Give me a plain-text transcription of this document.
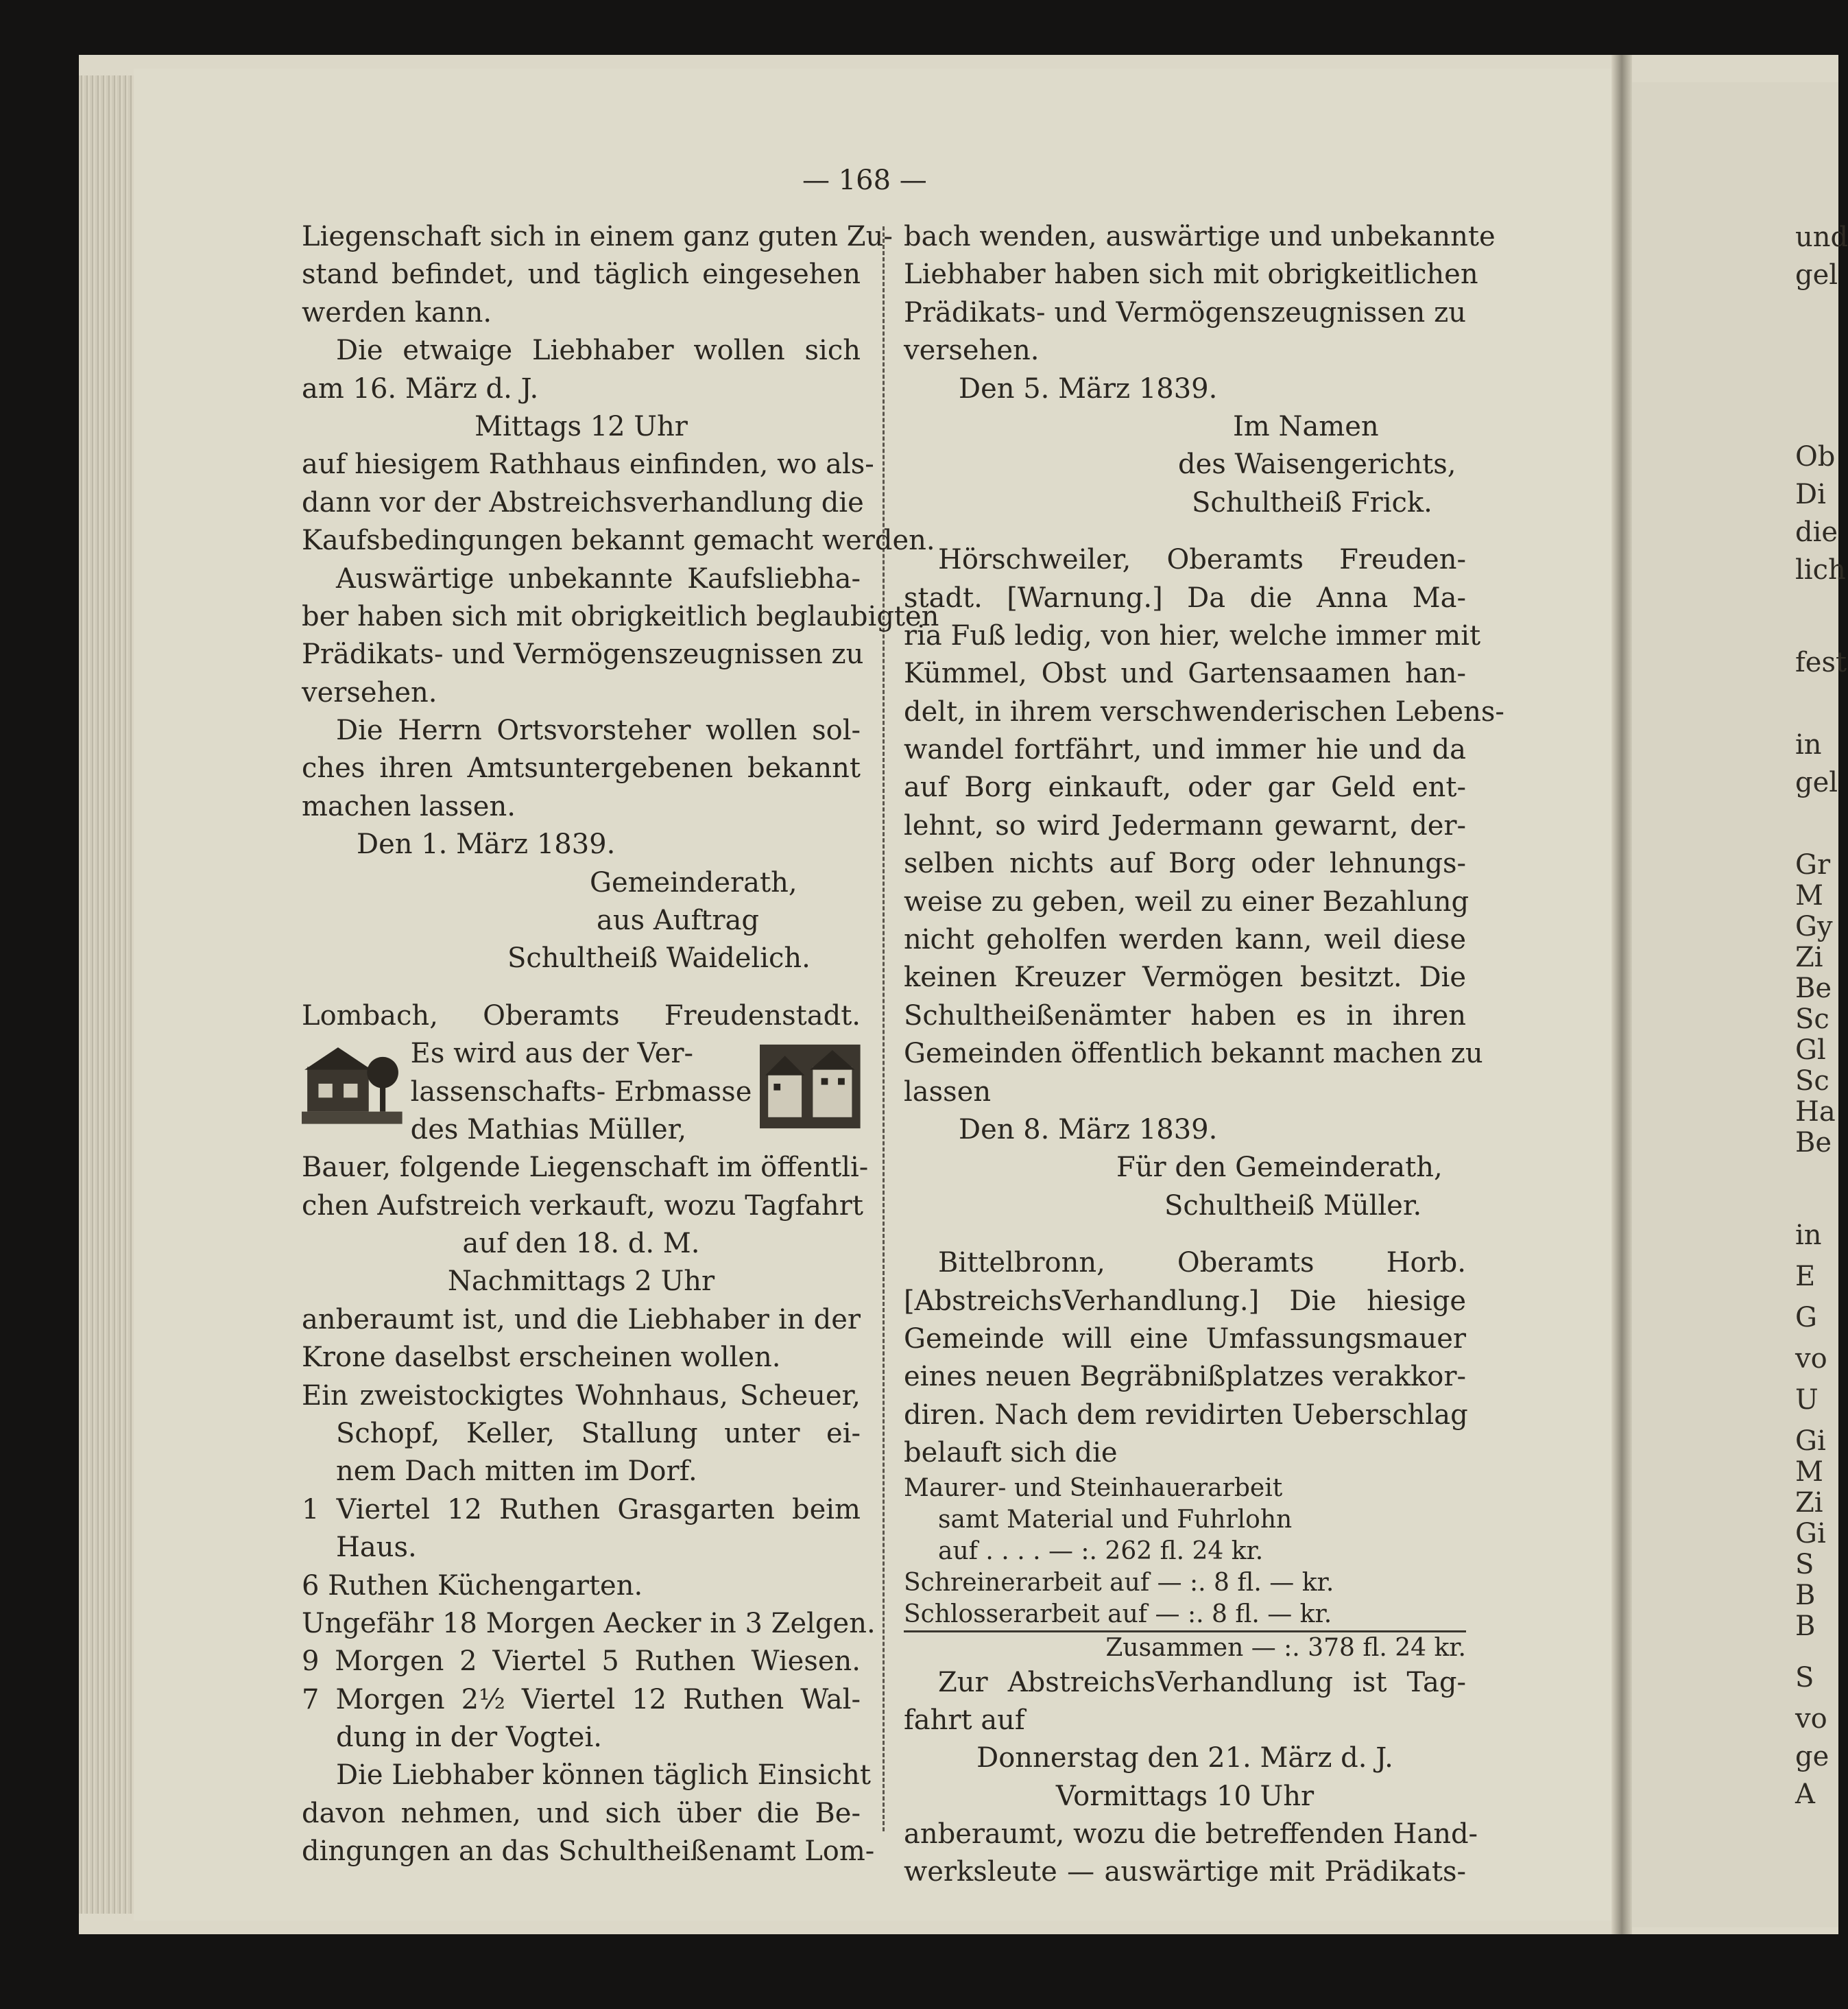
— 168 —
Liegenschaft sich in einem ganz guten Zu-
stand befindet, und täglich eingesehen
werden kann.
Die etwaige Liebhaber wollen sich
am 16. März d. J.
Mittags 12 Uhr
auf hiesigem Rathhaus einfinden, wo als-
dann vor der Abstreichsverhandlung die
Kaufsbedingungen bekannt gemacht werden.
Auswärtige unbekannte Kaufsliebha-
ber haben sich mit obrigkeitlich beglaubigten
Prädikats- und Vermögenszeugnissen zu
versehen.
Die Herrn Ortsvorsteher wollen sol-
ches ihren Amtsuntergebenen bekannt
machen lassen.
Den 1. März 1839.
Gemeinderath,
aus Auftrag
Schultheiß Waidelich.
Lombach, Oberamts Freudenstadt.
Es wird aus der Ver-
lassenschafts- Erbmasse
des Mathias Müller,
Bauer, folgende Liegenschaft im öffentli-
chen Aufstreich verkauft, wozu Tagfahrt
auf den 18. d. M.
Nachmittags 2 Uhr
anberaumt ist, und die Liebhaber in der
Krone daselbst erscheinen wollen.
Ein zweistockigtes Wohnhaus, Scheuer,
Schopf, Keller, Stallung unter ei-
nem Dach mitten im Dorf.
1 Viertel 12 Ruthen Grasgarten beim
Haus.
6 Ruthen Küchengarten.
Ungefähr 18 Morgen Aecker in 3 Zelgen.
9 Morgen 2 Viertel 5 Ruthen Wiesen.
7 Morgen 2½ Viertel 12 Ruthen Wal-
dung in der Vogtei.
Die Liebhaber können täglich Einsicht
davon nehmen, und sich über die Be-
dingungen an das Schultheißenamt Lom-
bach wenden, auswärtige und unbekannte
Liebhaber haben sich mit obrigkeitlichen
Prädikats- und Vermögenszeugnissen zu
versehen.
Den 5. März 1839.
Im Namen
des Waisengerichts,
Schultheiß Frick.
Hörschweiler, Oberamts Freuden-
stadt. [Warnung.] Da die Anna Ma-
ria Fuß ledig, von hier, welche immer mit
Kümmel, Obst und Gartensaamen han-
delt, in ihrem verschwenderischen Lebens-
wandel fortfährt, und immer hie und da
auf Borg einkauft, oder gar Geld ent-
lehnt, so wird Jedermann gewarnt, der-
selben nichts auf Borg oder lehnungs-
weise zu geben, weil zu einer Bezahlung
nicht geholfen werden kann, weil diese
keinen Kreuzer Vermögen besitzt. Die
Schultheißenämter haben es in ihren
Gemeinden öffentlich bekannt machen zu
lassen
Den 8. März 1839.
Für den Gemeinderath,
Schultheiß Müller.
Bittelbronn, Oberamts Horb.
[AbstreichsVerhandlung.] Die hiesige
Gemeinde will eine Umfassungsmauer
eines neuen Begräbnißplatzes verakkor-
diren. Nach dem revidirten Ueberschlag
belauft sich die
Maurer- und Steinhauerarbeit
samt Material und Fuhrlohn
auf . . . . — :. 262 fl. 24 kr.
Schreinerarbeit auf — :. 8 fl. — kr.
Schlosserarbeit auf — :. 8 fl. — kr.
Zusammen — :. 378 fl. 24 kr.
Zur AbstreichsVerhandlung ist Tag-
fahrt auf
Donnerstag den 21. März d. J.
Vormittags 10 Uhr
anberaumt, wozu die betreffenden Hand-
werksleute — auswärtige mit Prädikats-
und
gel
Ob
Di
die
lich
fest
in
gel
Gr
M
Gy
Zi
Be
Sc
Gl
Sc
Ha
Be
in
E
G
vo
U
Gi
M
Zi
Gi
S
B
B
S
vo
ge
A
